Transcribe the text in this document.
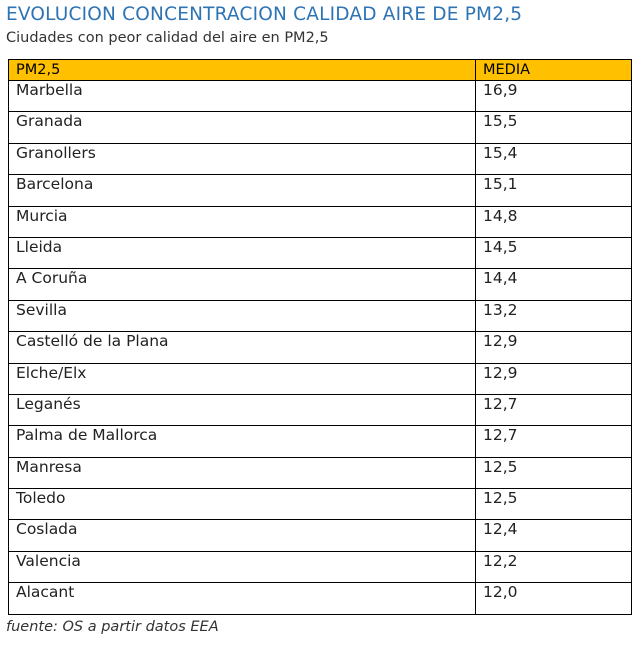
EVOLUCION CONCENTRACION CALIDAD AIRE DE PM2,5
Ciudades con peor calidad del aire en PM2,5
PM2,5	MEDIA
Marbella	16,9
Granada	15,5
Granollers	15,4
Barcelona	15,1
Murcia	14,8
Lleida	14,5
A Coruña	14,4
Sevilla	13,2
Castelló de la Plana	12,9
Elche/Elx	12,9
Leganés	12,7
Palma de Mallorca	12,7
Manresa	12,5
Toledo	12,5
Coslada	12,4
Valencia	12,2
Alacant	12,0
fuente: OS a partir datos EEA
